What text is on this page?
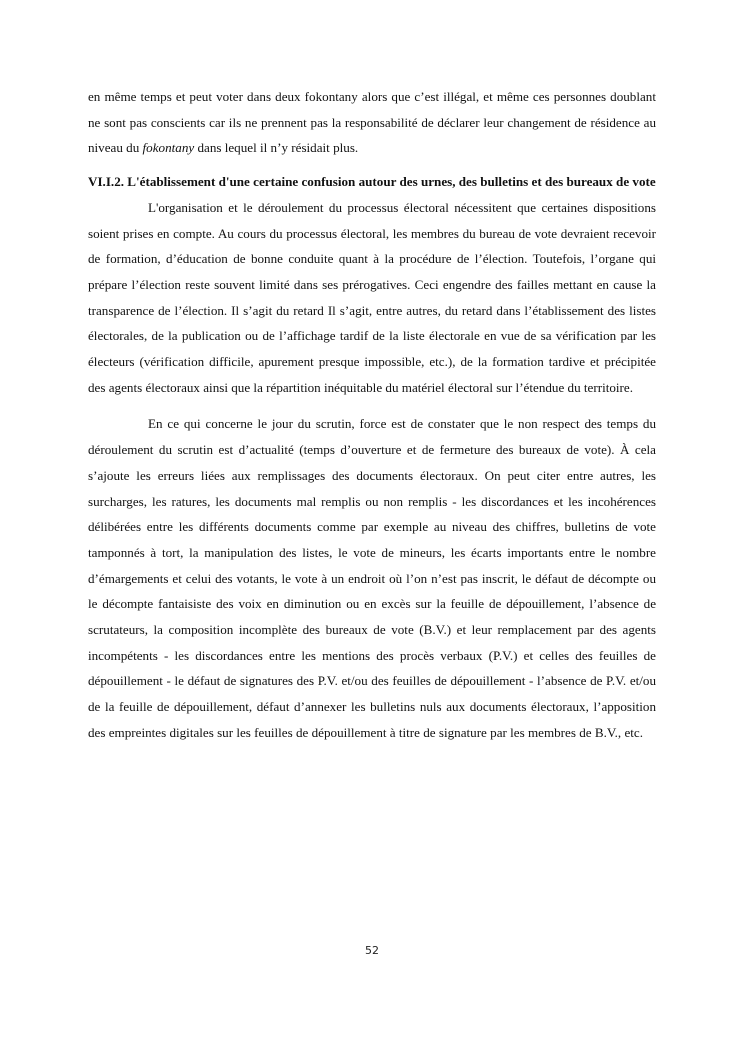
en même temps et peut voter dans deux fokontany alors que c’est illégal, et même ces personnes doublant ne sont pas conscients car ils ne prennent pas la responsabilité de déclarer leur changement de résidence au niveau du fokontany dans lequel il n’y résidait plus.

VI.I.2. L'établissement d'une certaine confusion autour des urnes, des bulletins et des bureaux de vote

L'organisation et le déroulement du processus électoral nécessitent que certaines dispositions soient prises en compte. Au cours du processus électoral, les membres du bureau de vote devraient recevoir de formation, d’éducation de bonne conduite quant à la procédure de l’élection. Toutefois, l’organe qui prépare l’élection reste souvent limité dans ses prérogatives. Ceci engendre des failles mettant en cause la transparence de l’élection. Il s’agit du retard Il s’agit, entre autres, du retard dans l’établissement des listes électorales, de la publication ou de l’affichage tardif de la liste électorale en vue de sa vérification par les électeurs (vérification difficile, apurement presque impossible, etc.), de la formation tardive et précipitée des agents électoraux ainsi que la répartition inéquitable du matériel électoral sur l’étendue du territoire.

En ce qui concerne le jour du scrutin, force est de constater que le non respect des temps du déroulement du scrutin est d’actualité (temps d’ouverture et de fermeture des bureaux de vote). À cela s’ajoute les erreurs liées aux remplissages des documents électoraux. On peut citer entre autres, les surcharges, les ratures, les documents mal remplis ou non remplis - les discordances et les incohérences délibérées entre les différents documents comme par exemple au niveau des chiffres, bulletins de vote tamponnés à tort, la manipulation des listes, le vote de mineurs, les écarts importants entre le nombre d’émargements et celui des votants, le vote à un endroit où l’on n’est pas inscrit, le défaut de décompte ou le décompte fantaisiste des voix en diminution ou en excès sur la feuille de dépouillement, l’absence de scrutateurs, la composition incomplète des bureaux de vote (B.V.) et leur remplacement par des agents incompétents - les discordances entre les mentions des procès verbaux (P.V.) et celles des feuilles de dépouillement - le défaut de signatures des P.V. et/ou des feuilles de dépouillement - l’absence de P.V. et/ou de la feuille de dépouillement, défaut d’annexer les bulletins nuls aux documents électoraux, l’apposition des empreintes digitales sur les feuilles de dépouillement à titre de signature par les membres de B.V., etc.

52
